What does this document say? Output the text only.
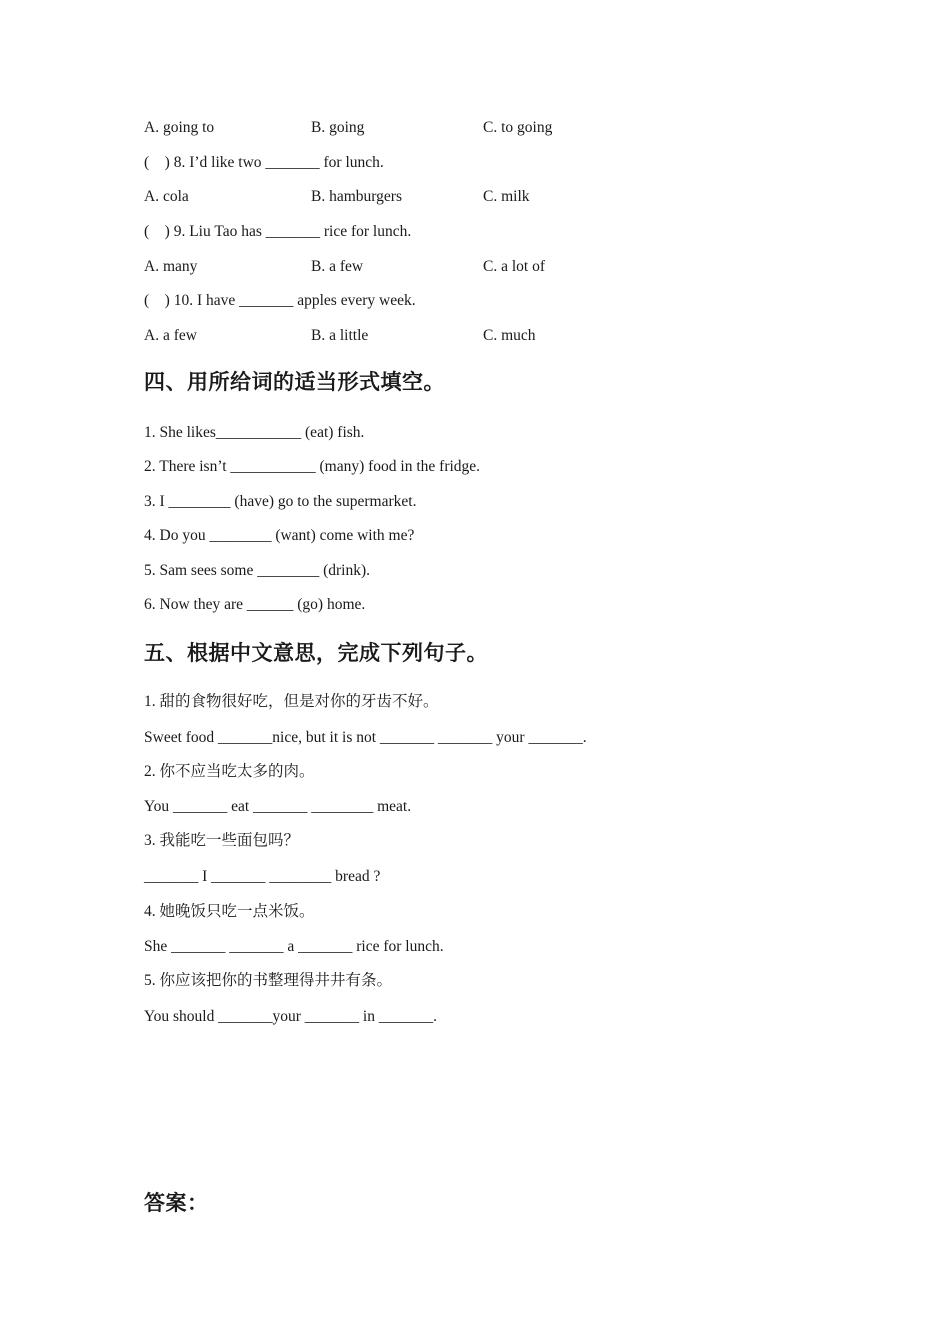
A. going to	B. going	C. to going
(    ) 8. I’d like two _______ for lunch.
A. cola	B. hamburgers	C. milk
(    ) 9. Liu Tao has _______ rice for lunch.
A. many	B. a few	C. a lot of
(    ) 10. I have _______ apples every week.
A. a few	B. a little	C. much
四、用所给词的适当形式填空。
1. She likes___________ (eat) fish.
2. There isn’t ___________ (many) food in the fridge.
3. I ________ (have) go to the supermarket.
4. Do you ________ (want) come with me?
5. Sam sees some ________ (drink).
6. Now they are ______ (go) home.
五、根据中文意思，完成下列句子。
1. 甜的食物很好吃，但是对你的牙齿不好。
Sweet food _______nice, but it is not _______ _______ your _______.
2. 你不应当吃太多的肉。
You _______ eat _______ ________ meat.
3. 我能吃一些面包吗？
_______ I _______ ________ bread ?
4. 她晚饭只吃一点米饭。
She _______ _______ a _______ rice for lunch.
5. 你应该把你的书整理得井井有条。
You should _______your _______ in _______.
答案：
